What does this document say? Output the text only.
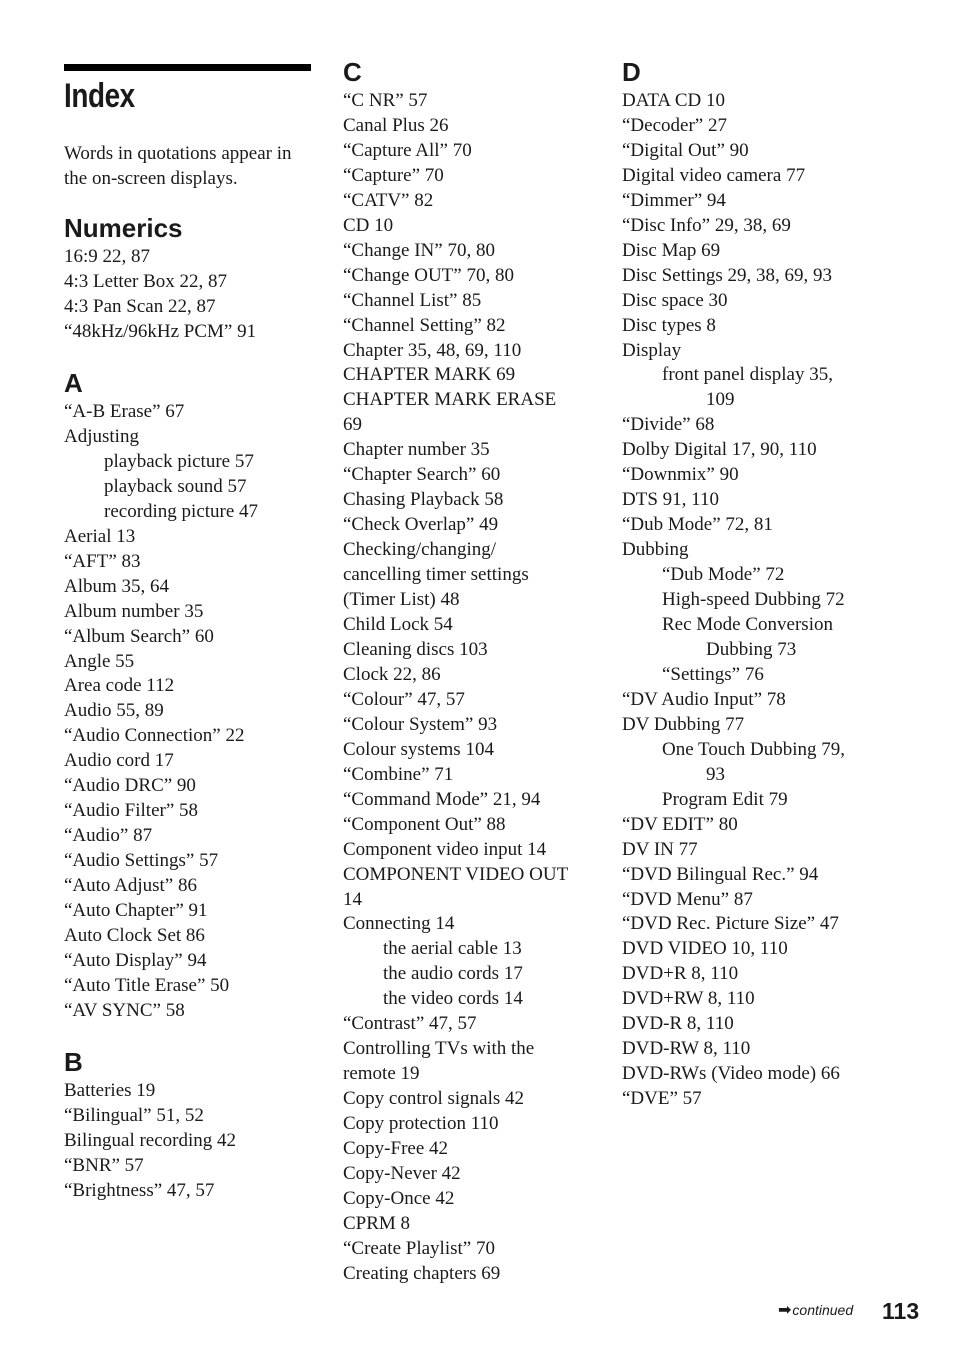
Index

Words in quotations appear in the on-screen displays.

Numerics
16:9 22, 87
4:3 Letter Box 22, 87
4:3 Pan Scan 22, 87
“48kHz/96kHz PCM” 91
A
“A-B Erase” 67
Adjusting
playback picture 57
playback sound 57
recording picture 47
Aerial 13
“AFT” 83
Album 35, 64
Album number 35
“Album Search” 60
Angle 55
Area code 112
Audio 55, 89
“Audio Connection” 22
Audio cord 17
“Audio DRC” 90
“Audio Filter” 58
“Audio” 87
“Audio Settings” 57
“Auto Adjust” 86
“Auto Chapter” 91
Auto Clock Set 86
“Auto Display” 94
“Auto Title Erase” 50
“AV SYNC” 58
B
Batteries 19
“Bilingual” 51, 52
Bilingual recording 42
“BNR” 57
“Brightness” 47, 57
C
“C NR” 57
Canal Plus 26
“Capture All” 70
“Capture” 70
“CATV” 82
CD 10
“Change IN” 70, 80
“Change OUT” 70, 80
“Channel List” 85
“Channel Setting” 82
Chapter 35, 48, 69, 110
CHAPTER MARK 69
CHAPTER MARK ERASE
69
Chapter number 35
“Chapter Search” 60
Chasing Playback 58
“Check Overlap” 49
Checking/changing/
cancelling timer settings
(Timer List) 48
Child Lock 54
Cleaning discs 103
Clock 22, 86
“Colour” 47, 57
“Colour System” 93
Colour systems 104
“Combine” 71
“Command Mode” 21, 94
“Component Out” 88
Component video input 14
COMPONENT VIDEO OUT
14
Connecting 14
the aerial cable 13
the audio cords 17
the video cords 14
“Contrast” 47, 57
Controlling TVs with the
remote 19
Copy control signals 42
Copy protection 110
Copy-Free 42
Copy-Never 42
Copy-Once 42
CPRM 8
“Create Playlist” 70
Creating chapters 69
D
DATA CD 10
“Decoder” 27
“Digital Out” 90
Digital video camera 77
“Dimmer” 94
“Disc Info” 29, 38, 69
Disc Map 69
Disc Settings 29, 38, 69, 93
Disc space 30
Disc types 8
Display
front panel display 35,
109
“Divide” 68
Dolby Digital 17, 90, 110
“Downmix” 90
DTS 91, 110
“Dub Mode” 72, 81
Dubbing
“Dub Mode” 72
High-speed Dubbing 72
Rec Mode Conversion
Dubbing 73
“Settings” 76
“DV Audio Input” 78
DV Dubbing 77
One Touch Dubbing 79,
93
Program Edit 79
“DV EDIT” 80
DV IN 77
“DVD Bilingual Rec.” 94
“DVD Menu” 87
“DVD Rec. Picture Size” 47
DVD VIDEO 10, 110
DVD+R 8, 110
DVD+RW 8, 110
DVD-R 8, 110
DVD-RW 8, 110
DVD-RWs (Video mode) 66
“DVE” 57
➡continued 113
